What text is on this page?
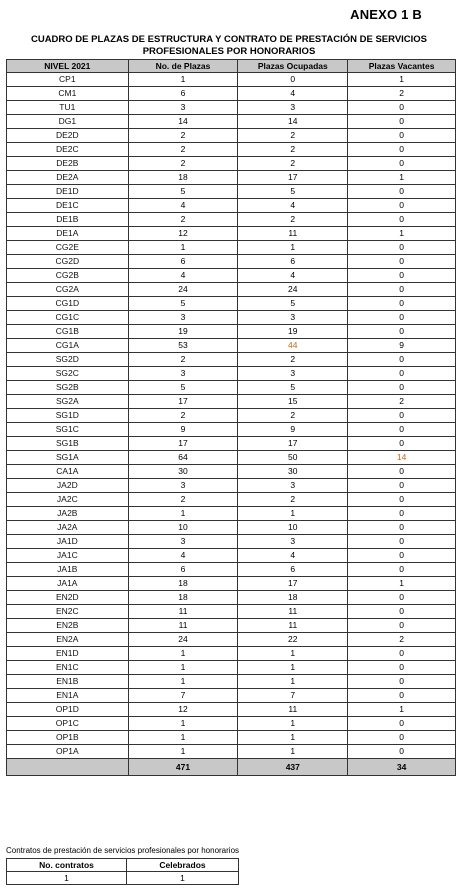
ANEXO 1 B
CUADRO DE PLAZAS DE ESTRUCTURA Y CONTRATO DE PRESTACIÓN DE SERVICIOS
PROFESIONALES POR HONORARIOS
NIVEL 2021	No. de Plazas	Plazas Ocupadas	Plazas Vacantes
CP1	1	0	1
CM1	6	4	2
TU1	3	3	0
DG1	14	14	0
DE2D	2	2	0
DE2C	2	2	0
DE2B	2	2	0
DE2A	18	17	1
DE1D	5	5	0
DE1C	4	4	0
DE1B	2	2	0
DE1A	12	11	1
CG2E	1	1	0
CG2D	6	6	0
CG2B	4	4	0
CG2A	24	24	0
CG1D	5	5	0
CG1C	3	3	0
CG1B	19	19	0
CG1A	53	44	9
SG2D	2	2	0
SG2C	3	3	0
SG2B	5	5	0
SG2A	17	15	2
SG1D	2	2	0
SG1C	9	9	0
SG1B	17	17	0
SG1A	64	50	14
CA1A	30	30	0
JA2D	3	3	0
JA2C	2	2	0
JA2B	1	1	0
JA2A	10	10	0
JA1D	3	3	0
JA1C	4	4	0
JA1B	6	6	0
JA1A	18	17	1
EN2D	18	18	0
EN2C	11	11	0
EN2B	11	11	0
EN2A	24	22	2
EN1D	1	1	0
EN1C	1	1	0
EN1B	1	1	0
EN1A	7	7	0
OP1D	12	11	1
OP1C	1	1	0
OP1B	1	1	0
OP1A	1	1	0
	471	437	34
Contratos de prestación de servicios profesionales por honorarios
No. contratos	Celebrados
1	1
